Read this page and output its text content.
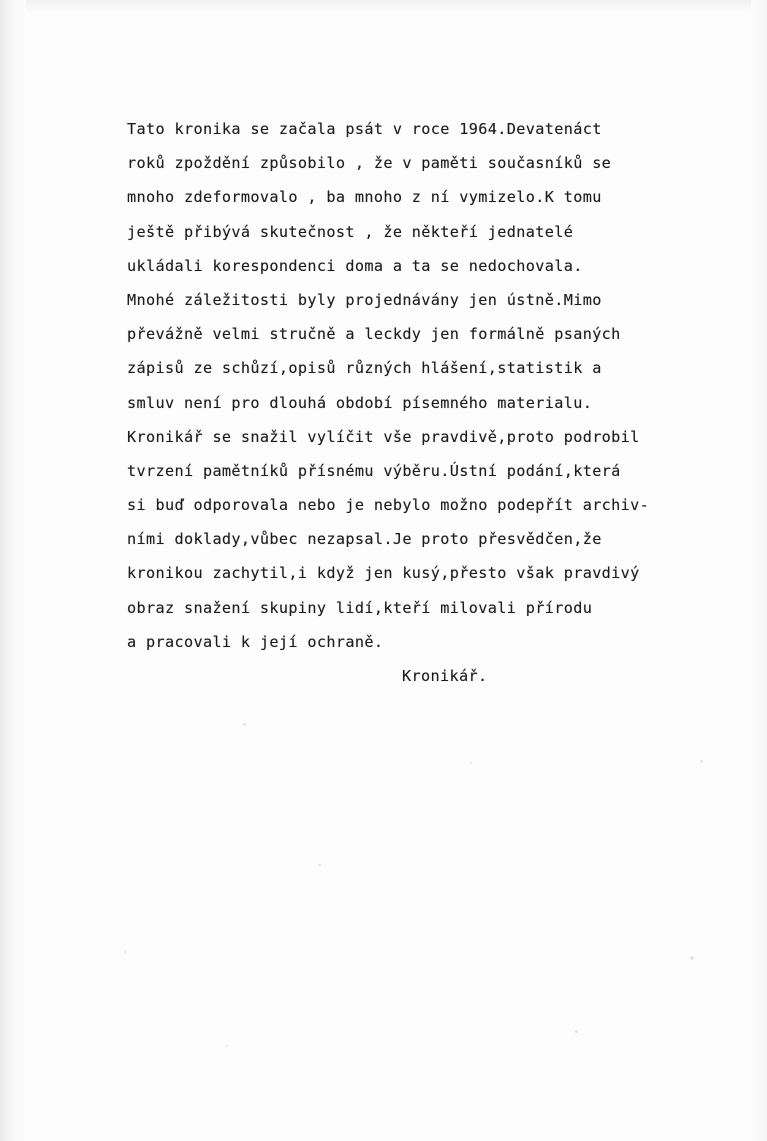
Tato kronika se začala psát v roce 1964.Devatenáct
roků zpoždění způsobilo , že v paměti současníků se
mnoho zdeformovalo , ba mnoho z ní vymizelo.K tomu
ještě přibývá skutečnost , že někteří jednatelé
ukládali korespondenci doma a ta se nedochovala.
Mnohé záležitosti byly projednávány jen ústně.Mimo
převážně velmi stručně a leckdy jen formálně psaných
zápisů ze schůzí,opisů různých hlášení,statistik a
smluv není pro dlouhá období písemného materialu.
Kronikář se snažil vylíčit vše pravdivě,proto podrobil
tvrzení pamětníků přísnému výběru.Ústní podání,která
si buď odporovala nebo je nebylo možno podepřít archiv-
ními doklady,vůbec nezapsal.Je proto přesvědčen,že
kronikou zachytil,i když jen kusý,přesto však pravdivý
obraz snažení skupiny lidí,kteří milovali přírodu
a pracovali k její ochraně.
Kronikář.
